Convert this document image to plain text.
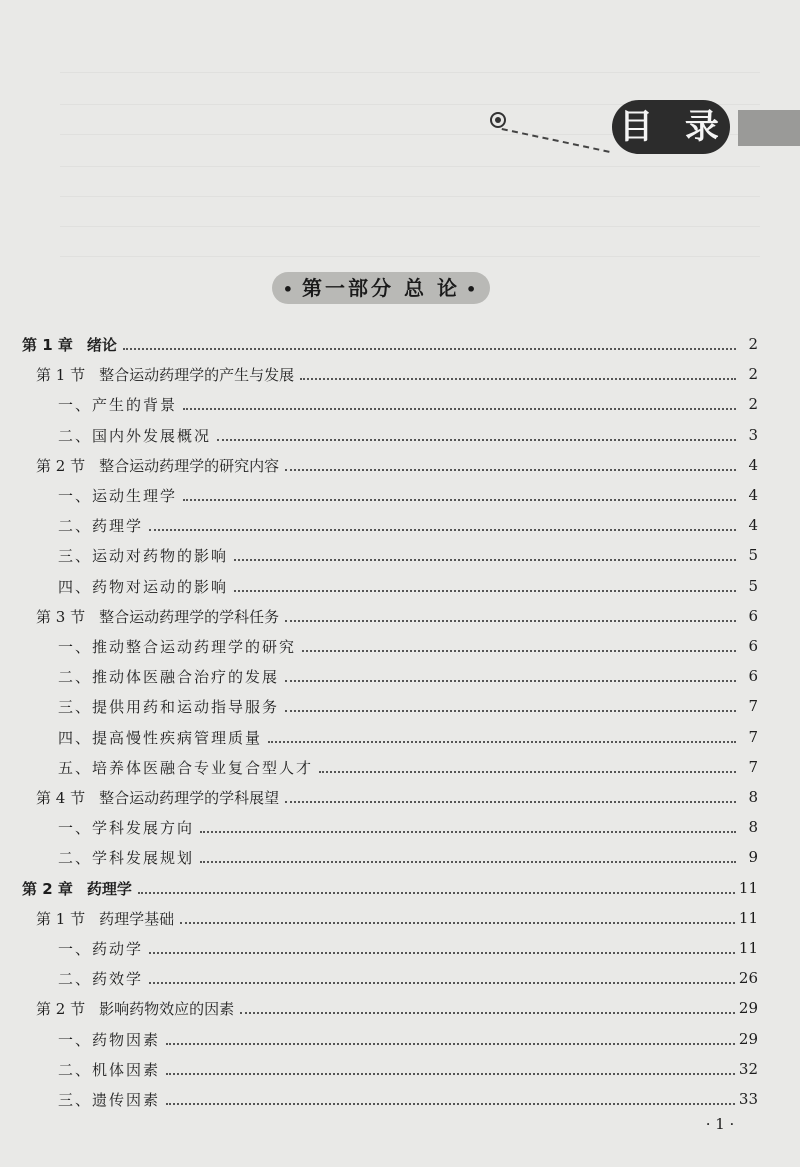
目 录
• 第一部分 总 论 •
第 1 章 绪论	2
第 1 节 整合运动药理学的产生与发展	2
一、产生的背景	2
二、国内外发展概况	3
第 2 节 整合运动药理学的研究内容	4
一、运动生理学	4
二、药理学	4
三、运动对药物的影响	5
四、药物对运动的影响	5
第 3 节 整合运动药理学的学科任务	6
一、推动整合运动药理学的研究	6
二、推动体医融合治疗的发展	6
三、提供用药和运动指导服务	7
四、提高慢性疾病管理质量	7
五、培养体医融合专业复合型人才	7
第 4 节 整合运动药理学的学科展望	8
一、学科发展方向	8
二、学科发展规划	9
第 2 章 药理学	11
第 1 节 药理学基础	11
一、药动学	11
二、药效学	26
第 2 节 影响药物效应的因素	29
一、药物因素	29
二、机体因素	32
三、遗传因素	33
· 1 ·
